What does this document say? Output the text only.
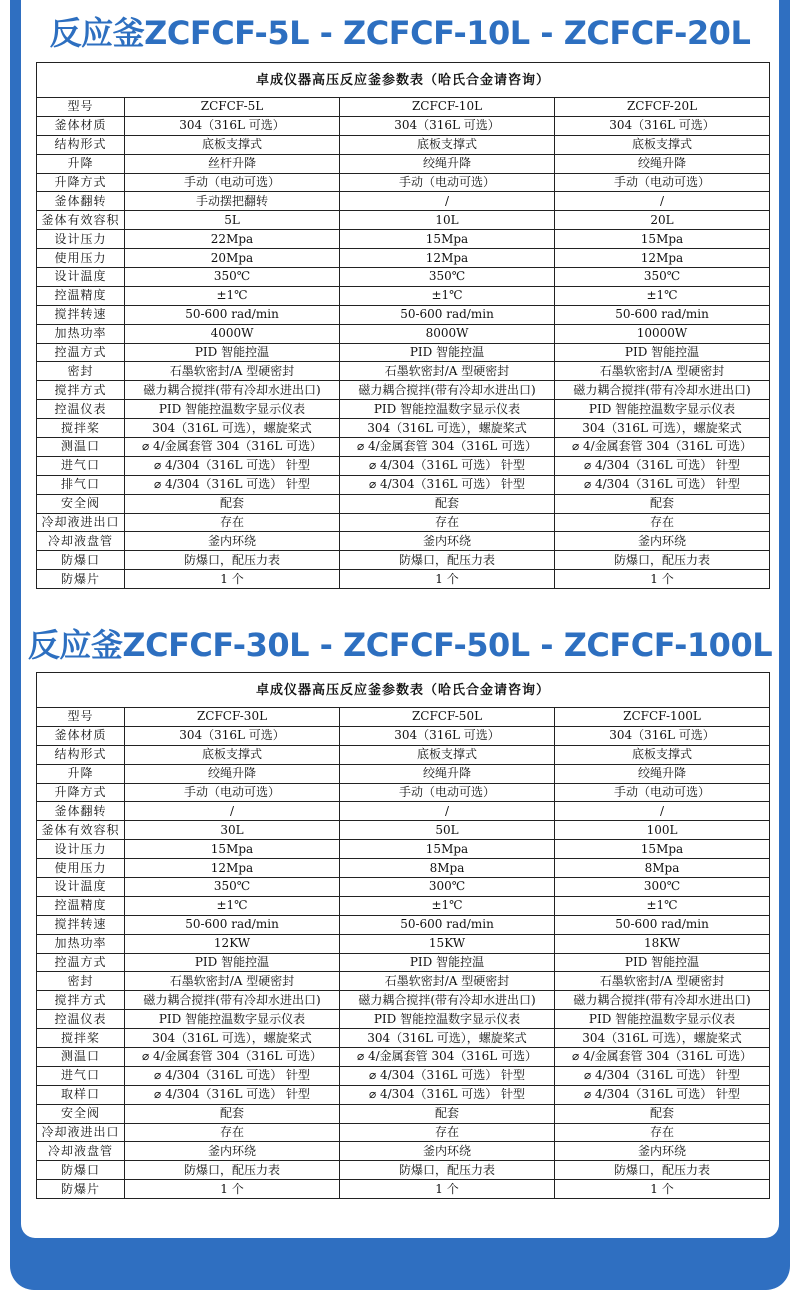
反应釜ZCFCF-5L - ZCFCF-10L - ZCFCF-20L
卓成仪器高压反应釜参数表（哈氏合金请咨询）			
型号	ZCFCF-5L	ZCFCF-10L	ZCFCF-20L
釜体材质	304（316L 可选）	304（316L 可选）	304（316L 可选）
结构形式	底板支撑式	底板支撑式	底板支撑式
升降	丝杆升降	绞绳升降	绞绳升降
升降方式	手动（电动可选）	手动（电动可选）	手动（电动可选）
釜体翻转	手动摆把翻转	/	/
釜体有效容积	5L	10L	20L
设计压力	22Mpa	15Mpa	15Mpa
使用压力	20Mpa	12Mpa	12Mpa
设计温度	350℃	350℃	350℃
控温精度	±1℃	±1℃	±1℃
搅拌转速	50-600 rad/min	50-600 rad/min	50-600 rad/min
加热功率	4000W	8000W	10000W
控温方式	PID 智能控温	PID 智能控温	PID 智能控温
密封	石墨软密封/A 型硬密封	石墨软密封/A 型硬密封	石墨软密封/A 型硬密封
搅拌方式	磁力耦合搅拌(带有冷却水进出口)	磁力耦合搅拌(带有冷却水进出口)	磁力耦合搅拌(带有冷却水进出口)
控温仪表	PID 智能控温数字显示仪表	PID 智能控温数字显示仪表	PID 智能控温数字显示仪表
搅拌桨	304（316L 可选），螺旋桨式	304（316L 可选），螺旋桨式	304（316L 可选），螺旋桨式
测温口	⌀ 4/金属套管 304（316L 可选）	⌀ 4/金属套管 304（316L 可选）	⌀ 4/金属套管 304（316L 可选）
进气口	⌀ 4/304（316L 可选） 针型	⌀ 4/304（316L 可选） 针型	⌀ 4/304（316L 可选） 针型
排气口	⌀ 4/304（316L 可选） 针型	⌀ 4/304（316L 可选） 针型	⌀ 4/304（316L 可选） 针型
安全阀	配套	配套	配套
冷却液进出口	存在	存在	存在
冷却液盘管	釜内环绕	釜内环绕	釜内环绕
防爆口	防爆口，配压力表	防爆口，配压力表	防爆口，配压力表
防爆片	1 个	1 个	1 个
反应釜ZCFCF-30L - ZCFCF-50L - ZCFCF-100L
卓成仪器高压反应釜参数表（哈氏合金请咨询）			
型号	ZCFCF-30L	ZCFCF-50L	ZCFCF-100L
釜体材质	304（316L 可选）	304（316L 可选）	304（316L 可选）
结构形式	底板支撑式	底板支撑式	底板支撑式
升降	绞绳升降	绞绳升降	绞绳升降
升降方式	手动（电动可选）	手动（电动可选）	手动（电动可选）
釜体翻转	/	/	/
釜体有效容积	30L	50L	100L
设计压力	15Mpa	15Mpa	15Mpa
使用压力	12Mpa	8Mpa	8Mpa
设计温度	350℃	300℃	300℃
控温精度	±1℃	±1℃	±1℃
搅拌转速	50-600 rad/min	50-600 rad/min	50-600 rad/min
加热功率	12KW	15KW	18KW
控温方式	PID 智能控温	PID 智能控温	PID 智能控温
密封	石墨软密封/A 型硬密封	石墨软密封/A 型硬密封	石墨软密封/A 型硬密封
搅拌方式	磁力耦合搅拌(带有冷却水进出口)	磁力耦合搅拌(带有冷却水进出口)	磁力耦合搅拌(带有冷却水进出口)
控温仪表	PID 智能控温数字显示仪表	PID 智能控温数字显示仪表	PID 智能控温数字显示仪表
搅拌桨	304（316L 可选），螺旋桨式	304（316L 可选），螺旋桨式	304（316L 可选），螺旋桨式
测温口	⌀ 4/金属套管 304（316L 可选）	⌀ 4/金属套管 304（316L 可选）	⌀ 4/金属套管 304（316L 可选）
进气口	⌀ 4/304（316L 可选） 针型	⌀ 4/304（316L 可选） 针型	⌀ 4/304（316L 可选） 针型
取样口	⌀ 4/304（316L 可选） 针型	⌀ 4/304（316L 可选） 针型	⌀ 4/304（316L 可选） 针型
安全阀	配套	配套	配套
冷却液进出口	存在	存在	存在
冷却液盘管	釜内环绕	釜内环绕	釜内环绕
防爆口	防爆口，配压力表	防爆口，配压力表	防爆口，配压力表
防爆片	1 个	1 个	1 个
